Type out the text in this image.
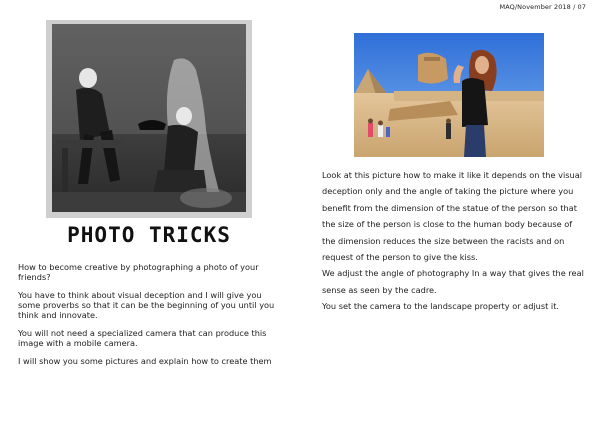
MAQ/November 2018 / 07
PHOTO TRICKS

How to become creative by photographing a photo of your friends?

You have to think about visual deception and I will give you some proverbs so that it can be the beginning of you until you think and innovate.

You will not need a specialized camera that can produce this image with a mobile camera.

I will show you some pictures and explain how to create them

Look at this picture how to make it like it depends on the visual deception only and the angle of taking the picture where you benefit from the dimension of the statue of the person so that the size of the person is close to the human body because of the dimension reduces the size between the racists and on request of the person to give the kiss.

We adjust the angle of photography In a way that gives the real sense as seen by the cadre.

You set the camera to the landscape property or adjust it.
